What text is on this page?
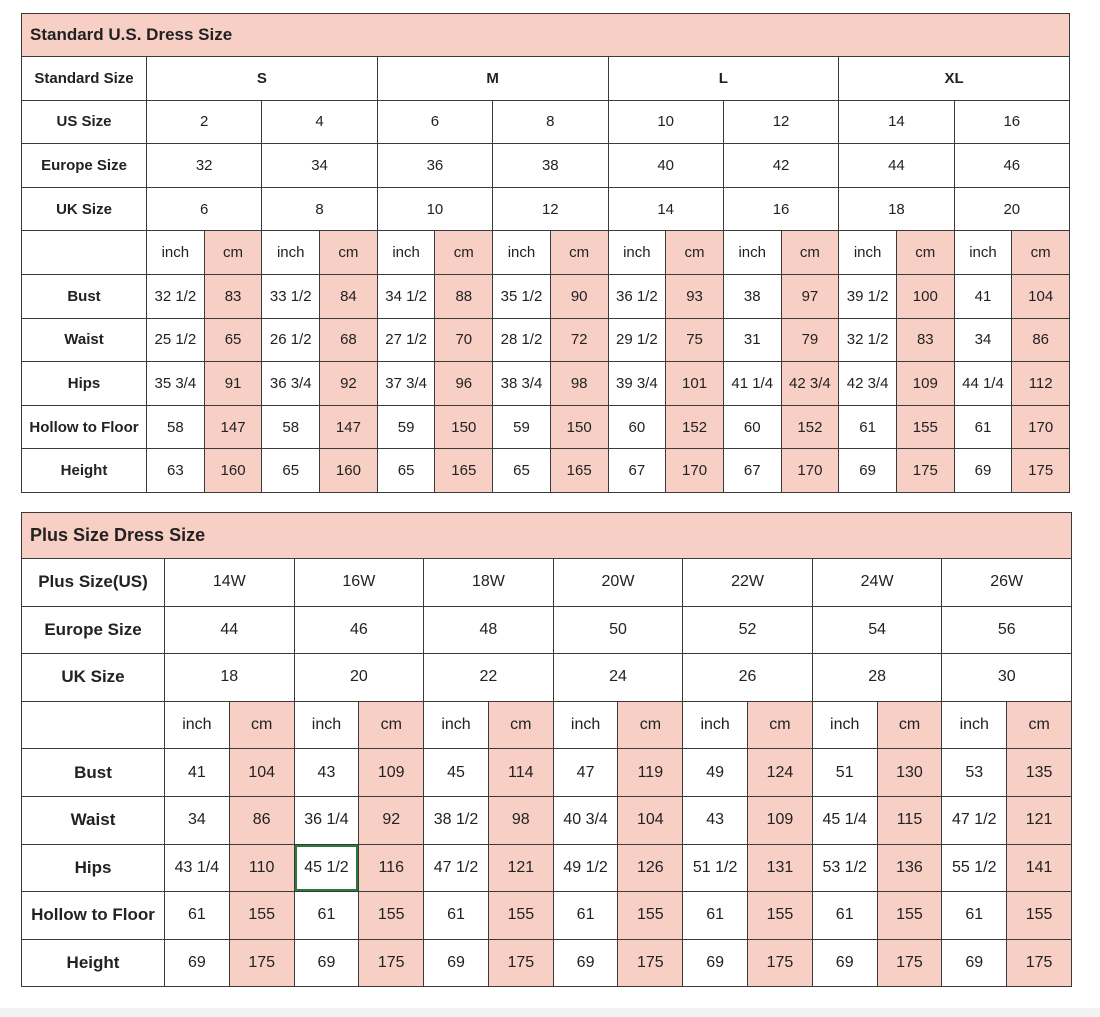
Standard U.S. Dress Size																
Standard Size	S				M				L				XL			
US Size	2		4		6		8		10		12		14		16	
Europe Size	32		34		36		38		40		42		44		46	
UK Size	6		8		10		12		14		16		18		20	
	inch	cm	inch	cm	inch	cm	inch	cm	inch	cm	inch	cm	inch	cm	inch	cm
Bust	32 1/2	83	33 1/2	84	34 1/2	88	35 1/2	90	36 1/2	93	38	97	39 1/2	100	41	104
Waist	25 1/2	65	26 1/2	68	27 1/2	70	28 1/2	72	29 1/2	75	31	79	32 1/2	83	34	86
Hips	35 3/4	91	36 3/4	92	37 3/4	96	38 3/4	98	39 3/4	101	41 1/4	42 3/4	42 3/4	109	44 1/4	112
Hollow to Floor	58	147	58	147	59	150	59	150	60	152	60	152	61	155	61	170
Height	63	160	65	160	65	165	65	165	67	170	67	170	69	175	69	175
Plus Size Dress Size														
Plus Size(US)	14W		16W		18W		20W		22W		24W		26W	
Europe Size	44		46		48		50		52		54		56	
UK Size	18		20		22		24		26		28		30	
	inch	cm	inch	cm	inch	cm	inch	cm	inch	cm	inch	cm	inch	cm
Bust	41	104	43	109	45	114	47	119	49	124	51	130	53	135
Waist	34	86	36 1/4	92	38 1/2	98	40 3/4	104	43	109	45 1/4	115	47 1/2	121
Hips	43 1/4	110	45 1/2	116	47 1/2	121	49 1/2	126	51 1/2	131	53 1/2	136	55 1/2	141
Hollow to Floor	61	155	61	155	61	155	61	155	61	155	61	155	61	155
Height	69	175	69	175	69	175	69	175	69	175	69	175	69	175
